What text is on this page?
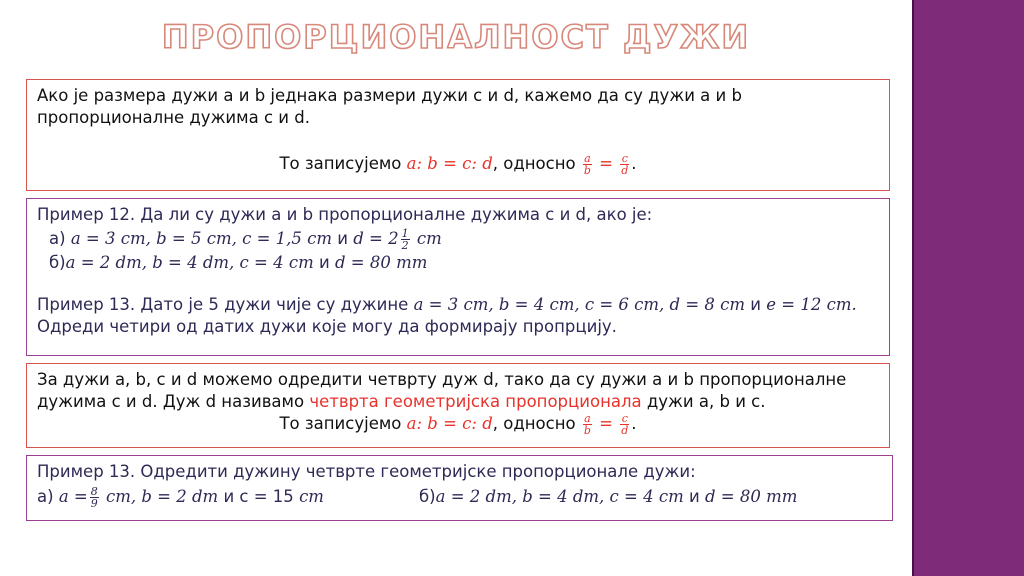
ПРОПОРЦИОНАЛНОСТ ДУЖИ
Ако је размера дужи a и b једнака размери дужи c и d, кажемо да су дужи a и b
пропорционалне дужима c и d.
То записујемо a: b = c: d, односно $\frac{a}{b} = \frac{c}{d}$ .
Пример 12. Да ли су дужи a и b пропорционалне дужима c и d, ако је:
а) a = 3 cm, b = 5 cm, c = 1,5 cm и $d = 2 \frac{1}{2}$ cm
б)a = 2 dm, b = 4 dm, c = 4 cm и d = 80 mm
Пример 13. Дато је 5 дужи чије су дужине a = 3 cm, b = 4 cm, c = 6 cm, d = 8 cm и e = 12 cm.
Одреди четири од датих дужи које могу да формирају пропрцију.
За дужи a, b, c и d можемо одредити четврту дуж d, тако да су дужи a и b пропорционалне
дужима c и d. Дуж d називамо четврта геометријска пропорционала дужи a, b и c.
То записујемо a: b = c: d, односно $\frac{a}{b} = \frac{c}{d}$ .
Пример 13. Одредити дужину четврте геометријске пропорционале дужи:
а) $a = \frac{8}{9}$ cm, b = 2 dm и c = 15 cm	б)a = 2 dm, b = 4 dm, c = 4 cm и d = 80 mm
